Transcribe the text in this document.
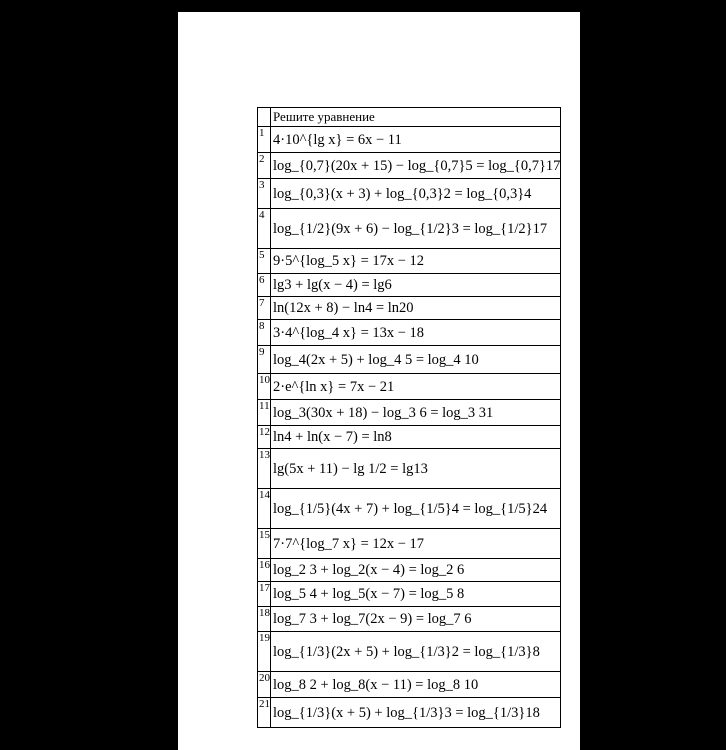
	Решите уравнение
1	4·10^{lg x} = 6x − 11
2	log_{0,7}(20x + 15) − log_{0,7}5 = log_{0,7}17
3	log_{0,3}(x + 3) + log_{0,3}2 = log_{0,3}4
4	log_{1/2}(9x + 6) − log_{1/2}3 = log_{1/2}17
5	9·5^{log_5 x} = 17x − 12
6	lg3 + lg(x − 4) = lg6
7	ln(12x + 8) − ln4 = ln20
8	3·4^{log_4 x} = 13x − 18
9	log_4(2x + 5) + log_4 5 = log_4 10
10	2·e^{ln x} = 7x − 21
11	log_3(30x + 18) − log_3 6 = log_3 31
12	ln4 + ln(x − 7) = ln8
13	lg(5x + 11) − lg 1/2 = lg13
14	log_{1/5}(4x + 7) + log_{1/5}4 = log_{1/5}24
15	7·7^{log_7 x} = 12x − 17
16	log_2 3 + log_2(x − 4) = log_2 6
17	log_5 4 + log_5(x − 7) = log_5 8
18	log_7 3 + log_7(2x − 9) = log_7 6
19	log_{1/3}(2x + 5) + log_{1/3}2 = log_{1/3}8
20	log_8 2 + log_8(x − 11) = log_8 10
21	log_{1/3}(x + 5) + log_{1/3}3 = log_{1/3}18
